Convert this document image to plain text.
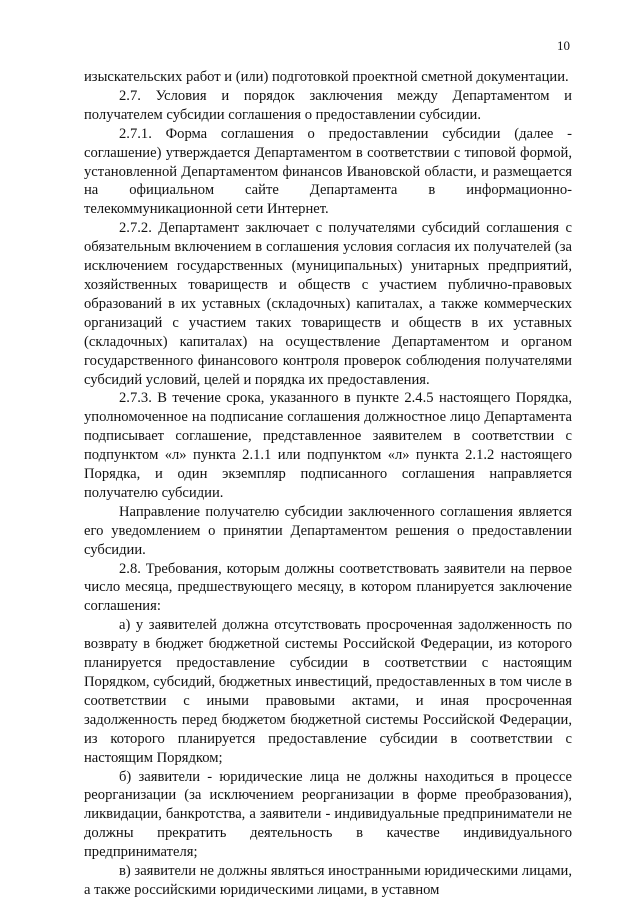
10

изыскательских работ и (или) подготовкой проектной сметной документации.

2.7. Условия и порядок заключения между Департаментом и получателем субсидии соглашения о предоставлении субсидии.

2.7.1. Форма соглашения о предоставлении субсидии (далее - соглашение) утверждается Департаментом в соответствии с типовой формой, установленной Департаментом финансов Ивановской области, и размещается на официальном сайте Департамента в информационно-телекоммуникационной сети Интернет.

2.7.2. Департамент заключает с получателями субсидий соглашения с обязательным включением в соглашения условия согласия их получателей (за исключением государственных (муниципальных) унитарных предприятий, хозяйственных товариществ и обществ с участием публично-правовых образований в их уставных (складочных) капиталах, а также коммерческих организаций с участием таких товариществ и обществ в их уставных (складочных) капиталах) на осуществление Департаментом и органом государственного финансового контроля проверок соблюдения получателями субсидий условий, целей и порядка их предоставления.

2.7.3. В течение срока, указанного в пункте 2.4.5 настоящего Порядка, уполномоченное на подписание соглашения должностное лицо Департамента подписывает соглашение, представленное заявителем в соответствии с подпунктом «л» пункта 2.1.1 или подпунктом «л» пункта 2.1.2 настоящего Порядка, и один экземпляр подписанного соглашения направляется получателю субсидии.

Направление получателю субсидии заключенного соглашения является его уведомлением о принятии Департаментом решения о предоставлении субсидии.

2.8. Требования, которым должны соответствовать заявители на первое число месяца, предшествующего месяцу, в котором планируется заключение соглашения:

а) у заявителей должна отсутствовать просроченная задолженность по возврату в бюджет бюджетной системы Российской Федерации, из которого планируется предоставление субсидии в соответствии с настоящим Порядком, субсидий, бюджетных инвестиций, предоставленных в том числе в соответствии с иными правовыми актами, и иная просроченная задолженность перед бюджетом бюджетной системы Российской Федерации, из которого планируется предоставление субсидии в соответствии с настоящим Порядком;

б) заявители - юридические лица не должны находиться в процессе реорганизации (за исключением реорганизации в форме преобразования), ликвидации, банкротства, а заявители - индивидуальные предприниматели не должны прекратить деятельность в качестве индивидуального предпринимателя;

в) заявители не должны являться иностранными юридическими лицами, а также российскими юридическими лицами, в уставном
